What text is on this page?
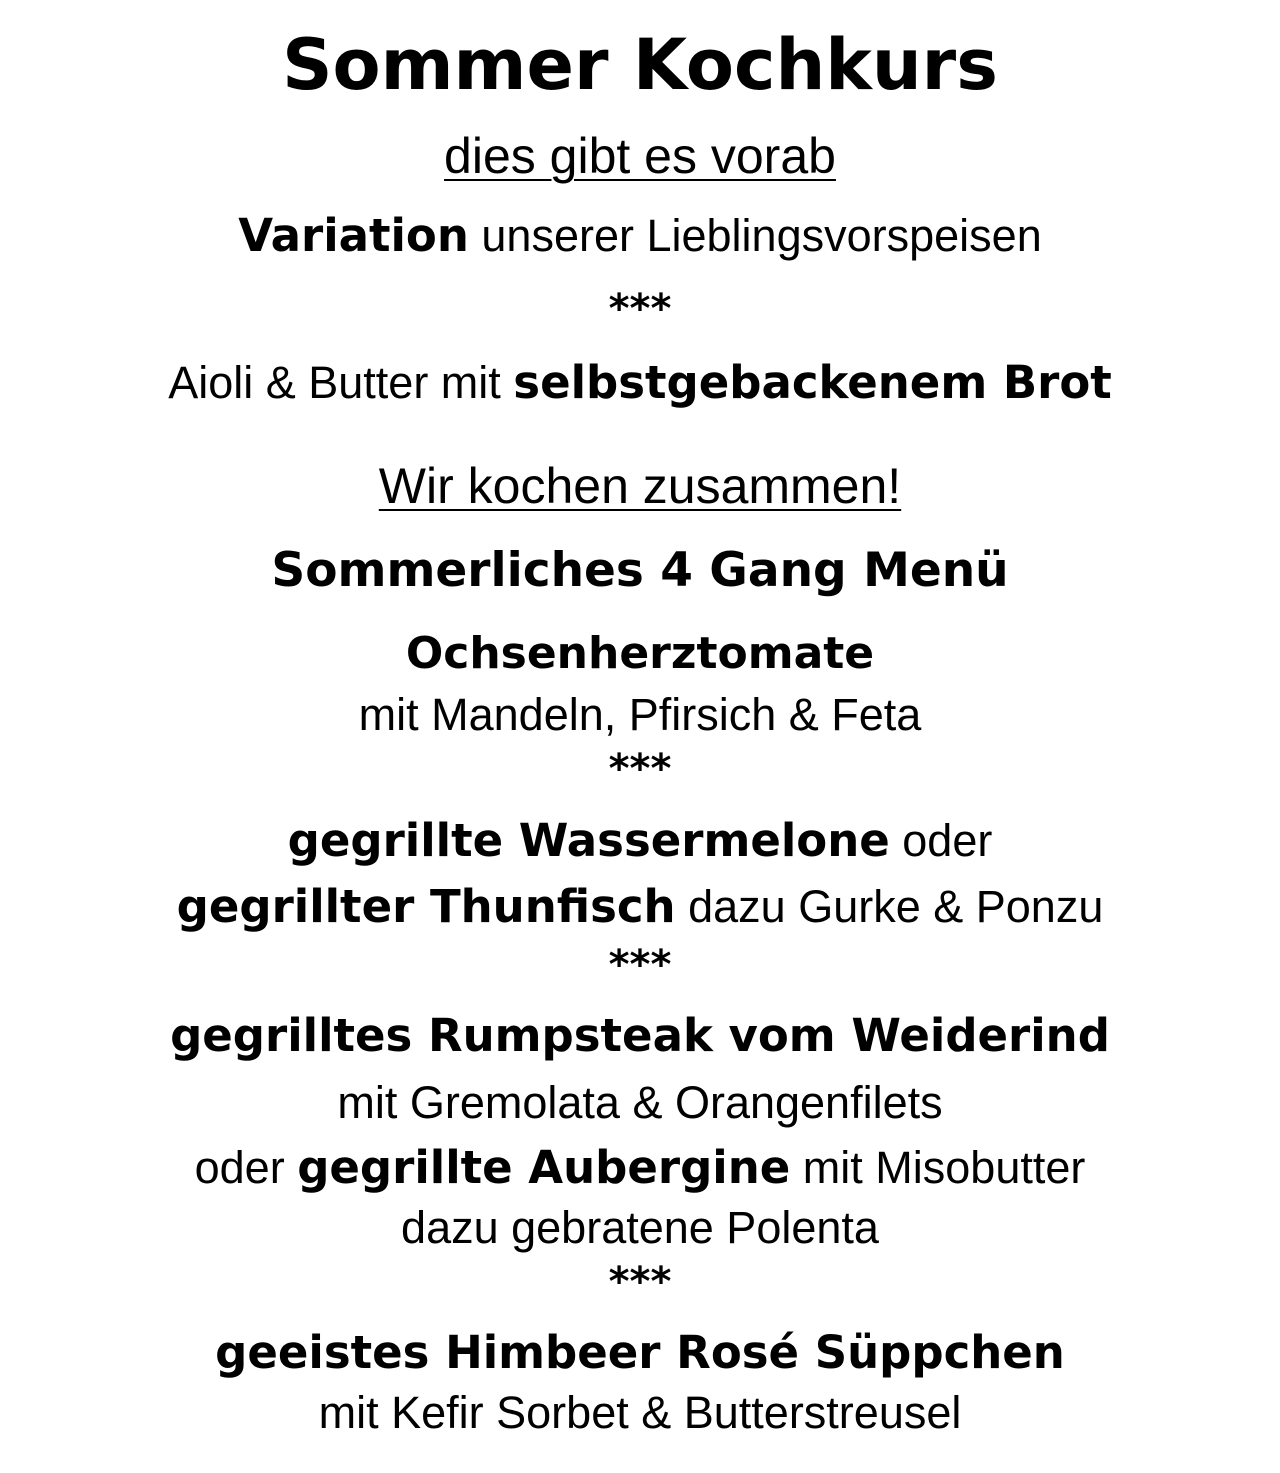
Sommer Kochkurs
dies gibt es vorab
Variation unserer Lieblingsvorspeisen
***
Aioli & Butter mit selbstgebackenem Brot
Wir kochen zusammen!
Sommerliches 4 Gang Menü
Ochsenherztomate
mit Mandeln, Pfirsich & Feta
***
gegrillte Wassermelone oder
gegrillter Thunfisch dazu Gurke & Ponzu
***
gegrilltes Rumpsteak vom Weiderind
mit Gremolata & Orangenfilets
oder gegrillte Aubergine mit Misobutter
dazu gebratene Polenta
***
geeistes Himbeer Rosé Süppchen
mit Kefir Sorbet & Butterstreusel
